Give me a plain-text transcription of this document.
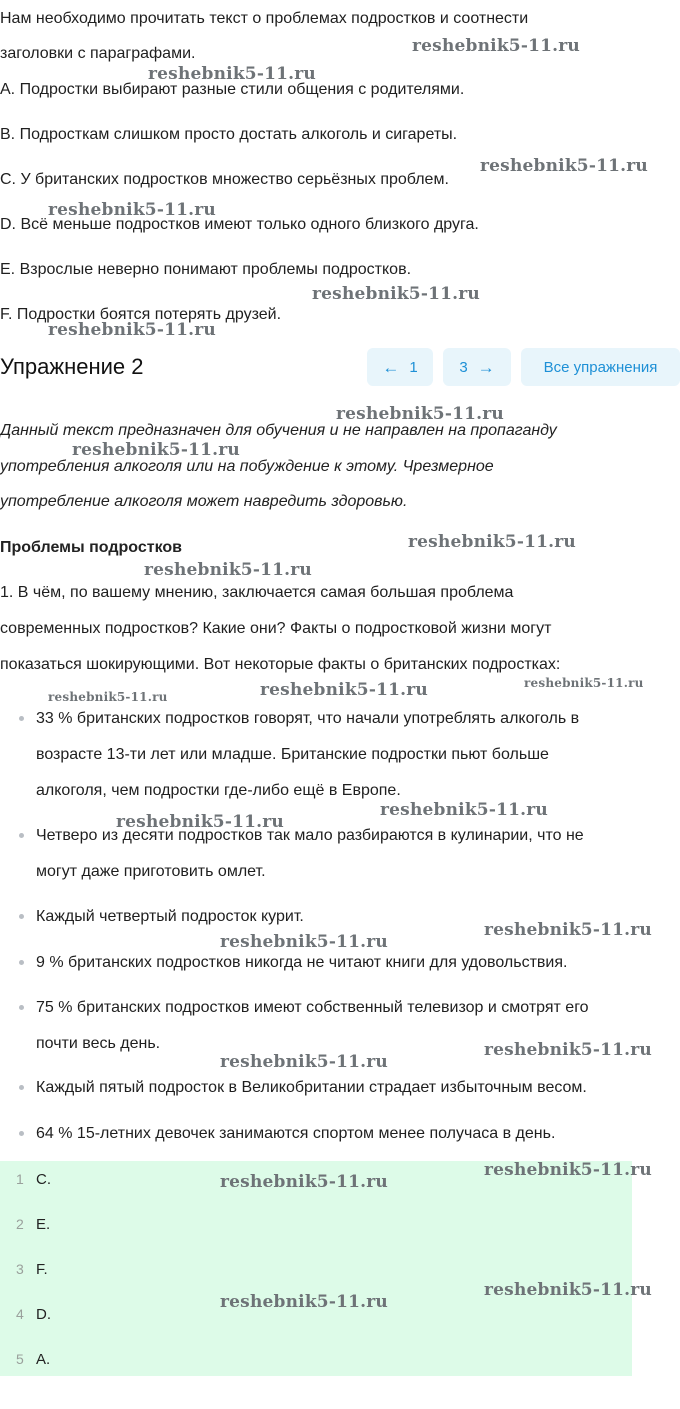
Нам необходимо прочитать текст о проблемах подростков и соотнести
заголовки с параграфами.
A. Подростки выбирают разные стили общения с родителями.
B. Подросткам слишком просто достать алкоголь и сигареты.
C. У британских подростков множество серьёзных проблем.
D. Всё меньше подростков имеют только одного близкого друга.
E. Взрослые неверно понимают проблемы подростков.
F. Подростки боятся потерять друзей.
Упражнение 2	← 1	3 →	Все упражнения
Данный текст предназначен для обучения и не направлен на пропаганду
употребления алкоголя или на побуждение к этому. Чрезмерное
употребление алкоголя может навредить здоровью.
Проблемы подростков
1. В чём, по вашему мнению, заключается самая большая проблема
современных подростков? Какие они? Факты о подростковой жизни могут
показаться шокирующими. Вот некоторые факты о британских подростках:
33 % британских подростков говорят, что начали употреблять алкоголь в
возрасте 13-ти лет или младше. Британские подростки пьют больше
алкоголя, чем подростки где-либо ещё в Европе.
Четверо из десяти подростков так мало разбираются в кулинарии, что не
могут даже приготовить омлет.
Каждый четвертый подросток курит.
9 % британских подростков никогда не читают книги для удовольствия.
75 % британских подростков имеют собственный телевизор и смотрят его
почти весь день.
Каждый пятый подросток в Великобритании страдает избыточным весом.
64 % 15-летних девочек занимаются спортом менее получаса в день.
1 C.
2 E.
3 F.
4 D.
5 A.
reshebnik5-11.ru
reshebnik5-11.ru
reshebnik5-11.ru
reshebnik5-11.ru
reshebnik5-11.ru
reshebnik5-11.ru
reshebnik5-11.ru
reshebnik5-11.ru
reshebnik5-11.ru
reshebnik5-11.ru
reshebnik5-11.ru	reshebnik5-11.ru	reshebnik5-11.ru
reshebnik5-11.ru
reshebnik5-11.ru
reshebnik5-11.ru
reshebnik5-11.ru
reshebnik5-11.ru
reshebnik5-11.ru
reshebnik5-11.ru
reshebnik5-11.ru
reshebnik5-11.ru
reshebnik5-11.ru
